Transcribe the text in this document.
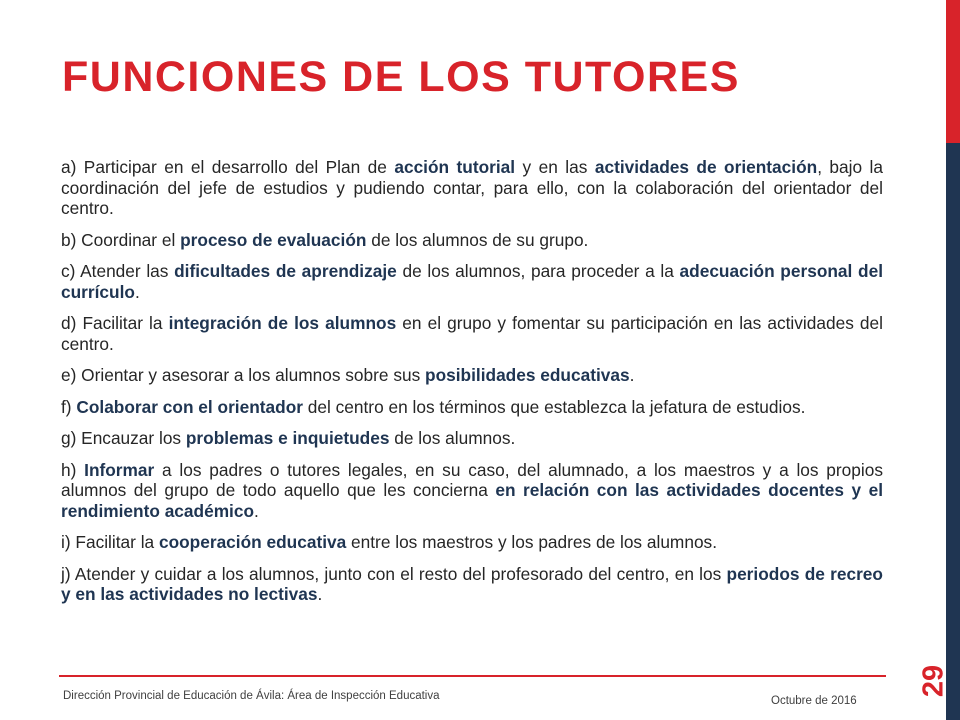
FUNCIONES DE LOS TUTORES

a) Participar en el desarrollo del Plan de acción tutorial y en las actividades de orientación, bajo la coordinación del jefe de estudios y pudiendo contar, para ello, con la colaboración del orientador del centro.

b) Coordinar el proceso de evaluación de los alumnos de su grupo.

c) Atender las dificultades de aprendizaje de los alumnos, para proceder a la adecuación personal del currículo.

d) Facilitar la integración de los alumnos en el grupo y fomentar su participación en las actividades del centro.

e) Orientar y asesorar a los alumnos sobre sus posibilidades educativas.

f) Colaborar con el orientador del centro en los términos que establezca la jefatura de estudios.

g) Encauzar los problemas e inquietudes de los alumnos.

h) Informar a los padres o tutores legales, en su caso, del alumnado, a los maestros y a los propios alumnos del grupo de todo aquello que les concierna en relación con las actividades docentes y el rendimiento académico.

i) Facilitar la cooperación educativa entre los maestros y los padres de los alumnos.

j) Atender y cuidar a los alumnos, junto con el resto del profesorado del centro, en los periodos de recreo y en las actividades no lectivas.

Dirección Provincial de Educación de Ávila: Área de Inspección Educativa	Octubre de 2016
29
